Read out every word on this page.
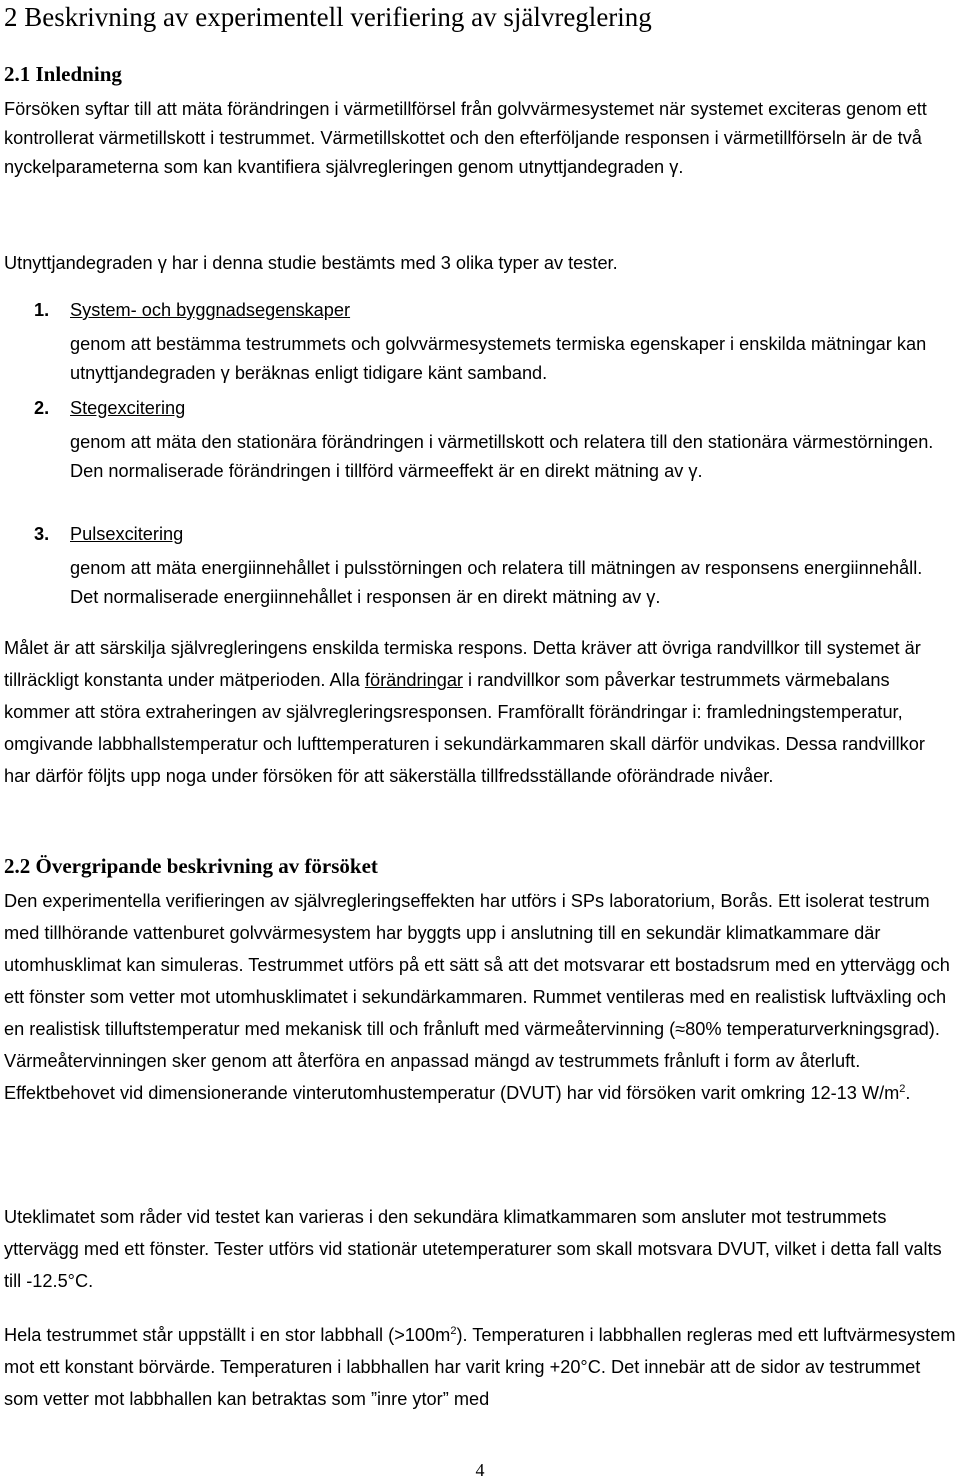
2 Beskrivning av experimentell verifiering av självreglering
2.1 Inledning

Försöken syftar till att mäta förändringen i värmetillförsel från golvvärmesystemet när systemet exciteras genom ett kontrollerat värmetillskott i testrummet. Värmetillskottet och den efterföljande responsen i värmetillförseln är de två nyckelparameterna som kan kvantifiera självregleringen genom utnyttjandegraden γ.

Utnyttjandegraden γ har i denna studie bestämts med 3 olika typer av tester.

1. System- och byggnadsegenskaper
genom att bestämma testrummets och golvvärmesystemets termiska egenskaper i enskilda mätningar kan utnyttjandegraden γ beräknas enligt tidigare känt samband.
2. Stegexcitering
genom att mäta den stationära förändringen i värmetillskott och relatera till den stationära värmestörningen. Den normaliserade förändringen i tillförd värmeeffekt är en direkt mätning av γ.
3. Pulsexcitering
genom att mäta energiinnehållet i pulsstörningen och relatera till mätningen av responsens energiinnehåll. Det normaliserade energiinnehållet i responsen är en direkt mätning av γ.

Målet är att särskilja självregleringens enskilda termiska respons. Detta kräver att övriga randvillkor till systemet är tillräckligt konstanta under mätperioden. Alla förändringar i randvillkor som påverkar testrummets värmebalans kommer att störa extraheringen av självregleringsresponsen. Framförallt förändringar i: framledningstemperatur, omgivande labbhallstemperatur och lufttemperaturen i sekundärkammaren skall därför undvikas. Dessa randvillkor har därför följts upp noga under försöken för att säkerställa tillfredsställande oförändrade nivåer.

2.2 Övergripande beskrivning av försöket

Den experimentella verifieringen av självregleringseffekten har utförs i SPs laboratorium, Borås. Ett isolerat testrum med tillhörande vattenburet golvvärmesystem har byggts upp i anslutning till en sekundär klimatkammare där utomhusklimat kan simuleras. Testrummet utförs på ett sätt så att det motsvarar ett bostadsrum med en yttervägg och ett fönster som vetter mot utomhusklimatet i sekundärkammaren. Rummet ventileras med en realistisk luftväxling och en realistisk tilluftstemperatur med mekanisk till och frånluft med värmeåtervinning (≈80% temperaturverkningsgrad). Värmeåtervinningen sker genom att återföra en anpassad mängd av testrummets frånluft i form av återluft. Effektbehovet vid dimensionerande vinterutomhustemperatur (DVUT) har vid försöken varit omkring 12-13 $W/m^2$.

Uteklimatet som råder vid testet kan varieras i den sekundära klimatkammaren som ansluter mot testrummets yttervägg med ett fönster. Tester utförs vid stationär utetemperaturer som skall motsvara DVUT, vilket i detta fall valts till -12.5°C.

Hela testrummet står uppställt i en stor labbhall $(>100m^2)$. Temperaturen i labbhallen regleras med ett luftvärmesystem mot ett konstant börvärde. Temperaturen i labbhallen har varit kring +20°C. Det innebär att de sidor av testrummet som vetter mot labbhallen kan betraktas som ”inre ytor” med

4
